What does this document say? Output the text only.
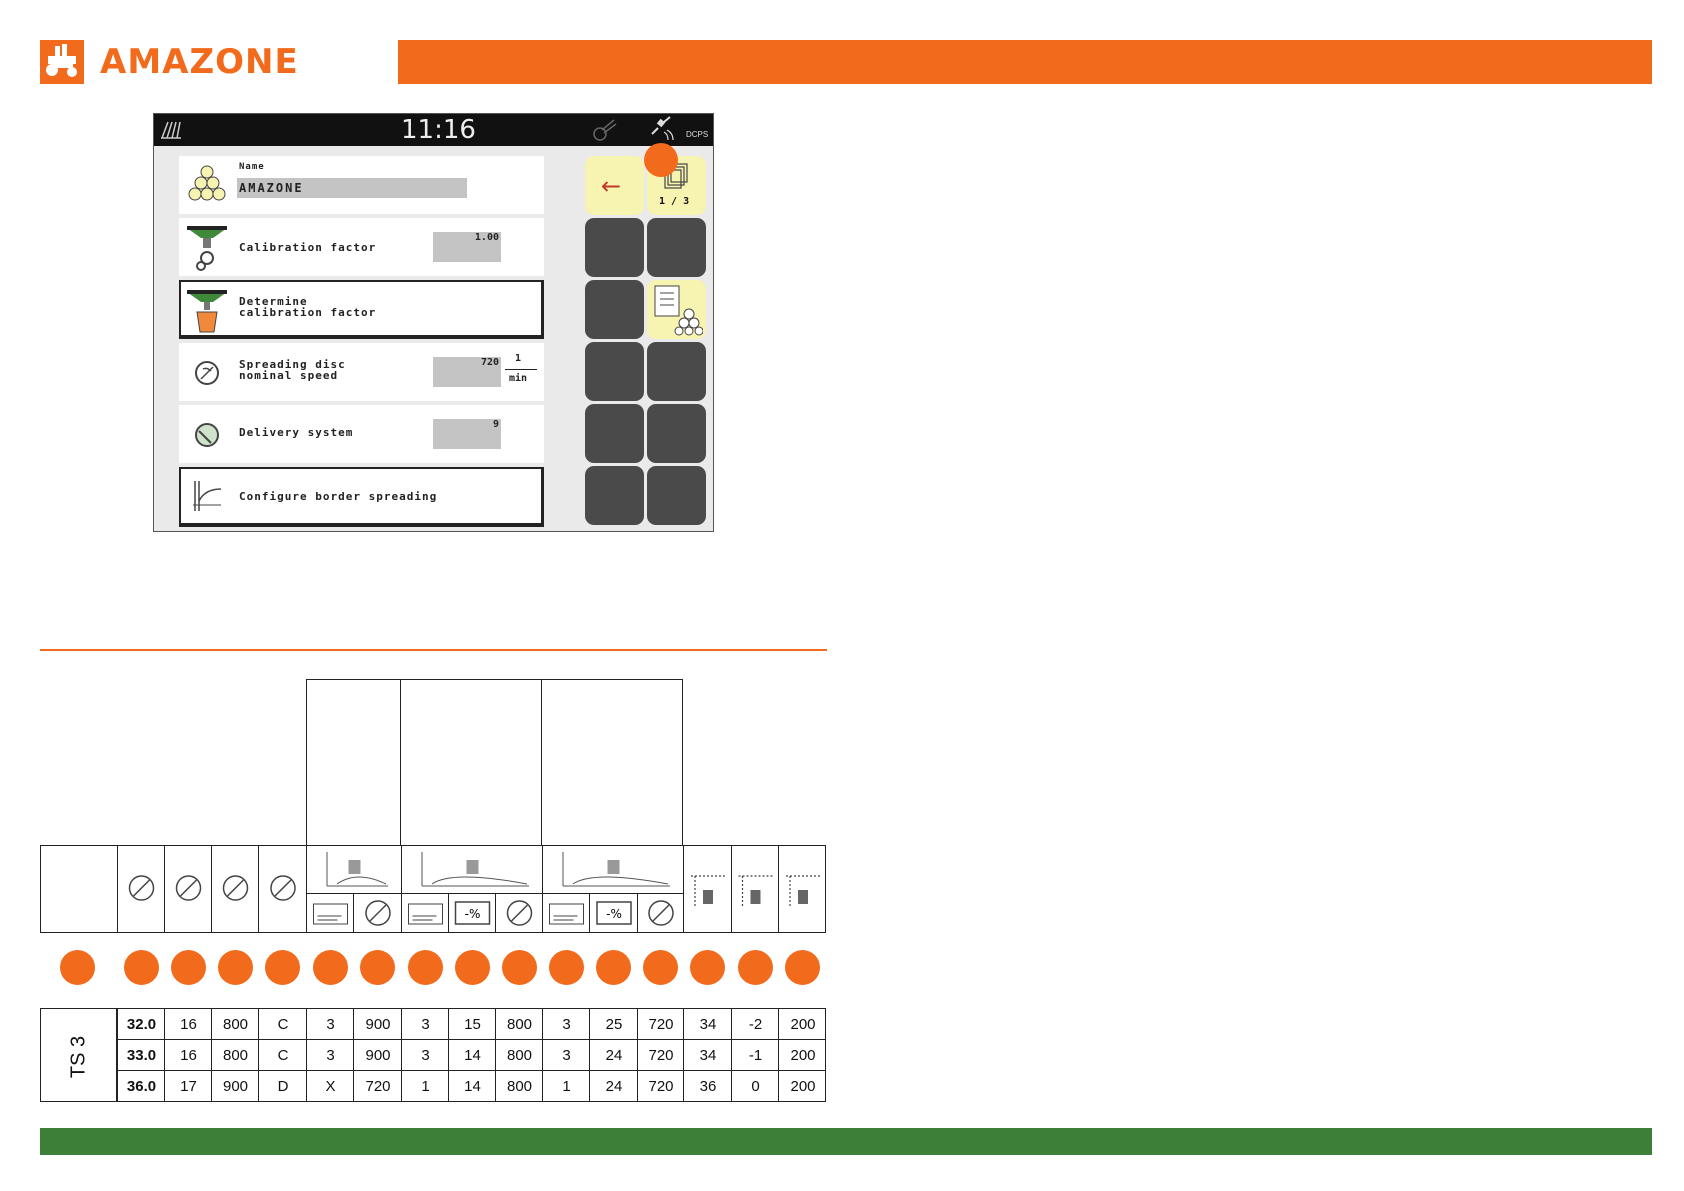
AMAZONE
11:16	DCPS
Name
AMAZONE
Calibration factor
1.00
Determine
calibration factor
Spreading disc
nominal speed
720 1
min
Delivery system
9
Configure border spreading
←
1 / 3
TS 3
-%	-%
32.0	16	800	C	3	900	3	15	800	3	25	720	34	-2	200
33.0	16	800	C	3	900	3	14	800	3	24	720	34	-1	200
36.0	17	900	D	X	720	1	14	800	1	24	720	36	0	200
